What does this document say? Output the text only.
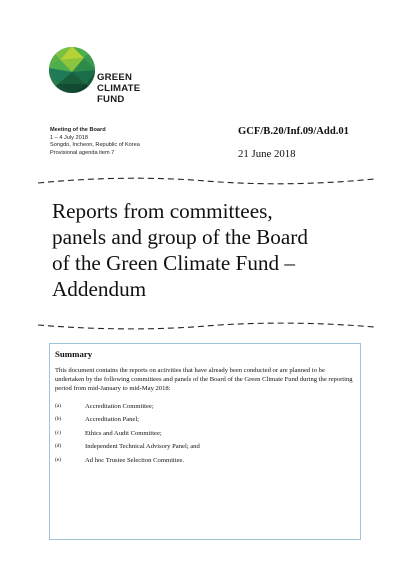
GREEN
CLIMATE
FUND
Meeting of the Board
1 – 4 July 2018
Songdo, Incheon, Republic of Korea
Provisional agenda item 7
GCF/B.20/Inf.09/Add.01
21 June 2018
Reports from committees,
panels and group of the Board
of the Green Climate Fund –
Addendum
Summary
This document contains the reports on activities that have already been conducted or are planned to be undertaken by the following committees and panels of the Board of the Green Climate Fund during the reporting period from mid-January to mid-May 2018:
(a)	Accreditation Committee;
(b)	Accreditation Panel;
(c)	Ethics and Audit Committee;
(d)	Independent Technical Advisory Panel; and
(e)	Ad hoc Trustee Selection Committee.
